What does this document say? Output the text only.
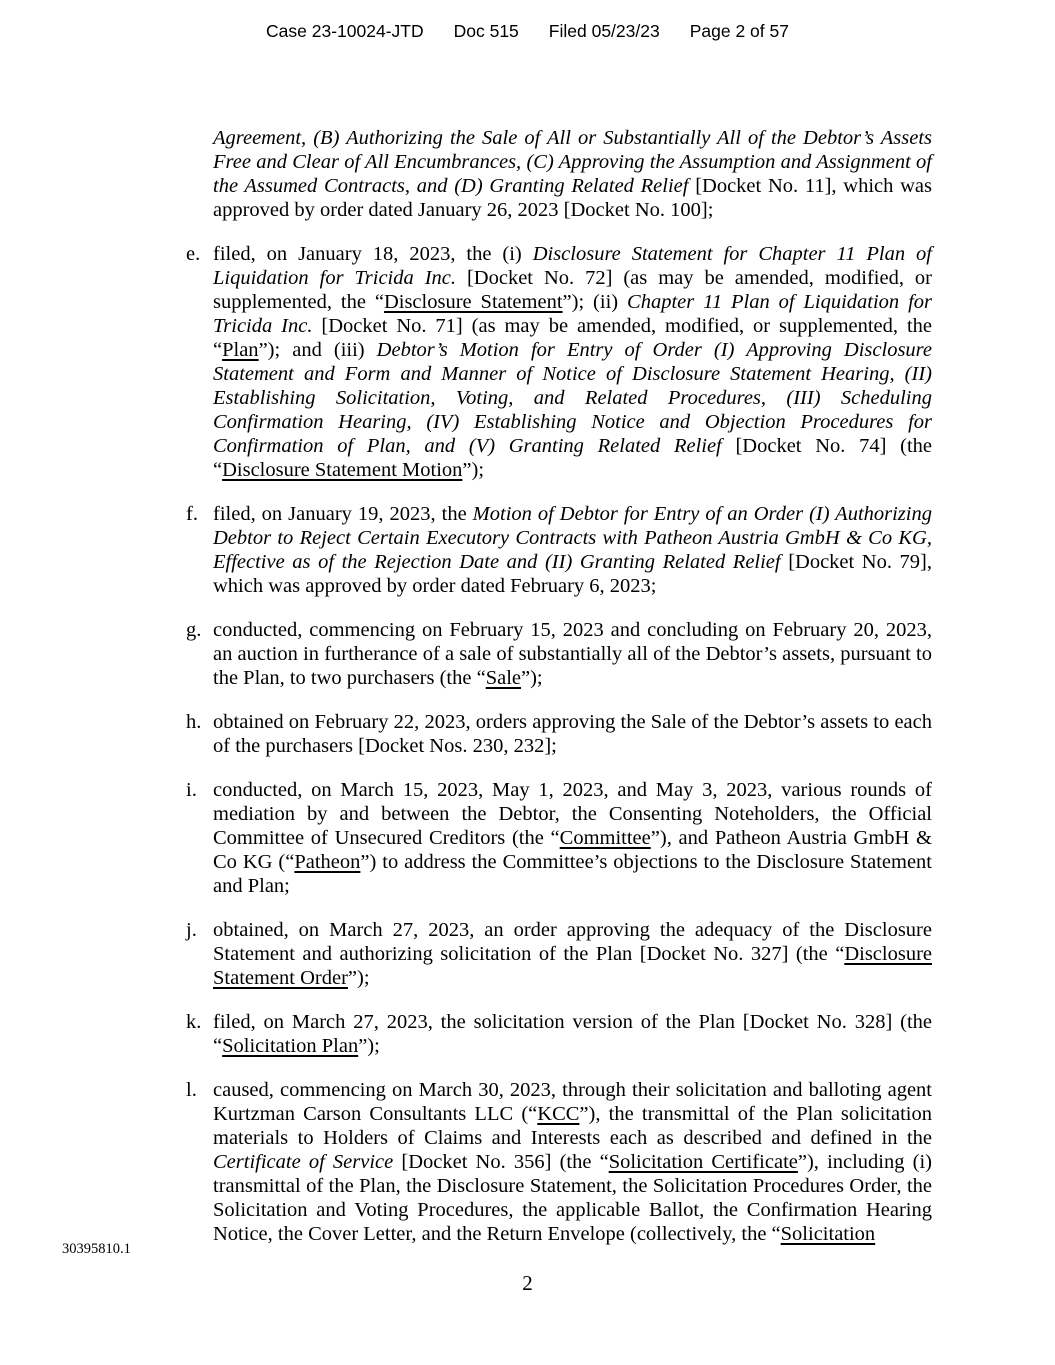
Case 23-10024-JTD Doc 515 Filed 05/23/23 Page 2 of 57
Agreement, (B) Authorizing the Sale of All or Substantially All of the Debtor’s Assets Free and Clear of All Encumbrances, (C) Approving the Assumption and Assignment of the Assumed Contracts, and (D) Granting Related Relief [Docket No. 11], which was approved by order dated January 26, 2023 [Docket No. 100];
e. filed, on January 18, 2023, the (i) Disclosure Statement for Chapter 11 Plan of Liquidation for Tricida Inc. [Docket No. 72] (as may be amended, modified, or supplemented, the “Disclosure Statement”); (ii) Chapter 11 Plan of Liquidation for Tricida Inc. [Docket No. 71] (as may be amended, modified, or supplemented, the “Plan”); and (iii) Debtor’s Motion for Entry of Order (I) Approving Disclosure Statement and Form and Manner of Notice of Disclosure Statement Hearing, (II) Establishing Solicitation, Voting, and Related Procedures, (III) Scheduling Confirmation Hearing, (IV) Establishing Notice and Objection Procedures for Confirmation of Plan, and (V) Granting Related Relief [Docket No. 74] (the “Disclosure Statement Motion”);
f. filed, on January 19, 2023, the Motion of Debtor for Entry of an Order (I) Authorizing Debtor to Reject Certain Executory Contracts with Patheon Austria GmbH & Co KG, Effective as of the Rejection Date and (II) Granting Related Relief [Docket No. 79], which was approved by order dated February 6, 2023;
g. conducted, commencing on February 15, 2023 and concluding on February 20, 2023, an auction in furtherance of a sale of substantially all of the Debtor’s assets, pursuant to the Plan, to two purchasers (the “Sale”);
h. obtained on February 22, 2023, orders approving the Sale of the Debtor’s assets to each of the purchasers [Docket Nos. 230, 232];
i. conducted, on March 15, 2023, May 1, 2023, and May 3, 2023, various rounds of mediation by and between the Debtor, the Consenting Noteholders, the Official Committee of Unsecured Creditors (the “Committee”), and Patheon Austria GmbH & Co KG (“Patheon”) to address the Committee’s objections to the Disclosure Statement and Plan;
j. obtained, on March 27, 2023, an order approving the adequacy of the Disclosure Statement and authorizing solicitation of the Plan [Docket No. 327] (the “Disclosure Statement Order”);
k. filed, on March 27, 2023, the solicitation version of the Plan [Docket No. 328] (the “Solicitation Plan”);
l. caused, commencing on March 30, 2023, through their solicitation and balloting agent Kurtzman Carson Consultants LLC (“KCC”), the transmittal of the Plan solicitation materials to Holders of Claims and Interests each as described and defined in the Certificate of Service [Docket No. 356] (the “Solicitation Certificate”), including (i) transmittal of the Plan, the Disclosure Statement, the Solicitation Procedures Order, the Solicitation and Voting Procedures, the applicable Ballot, the Confirmation Hearing Notice, the Cover Letter, and the Return Envelope (collectively, the “Solicitation
30395810.1
2
